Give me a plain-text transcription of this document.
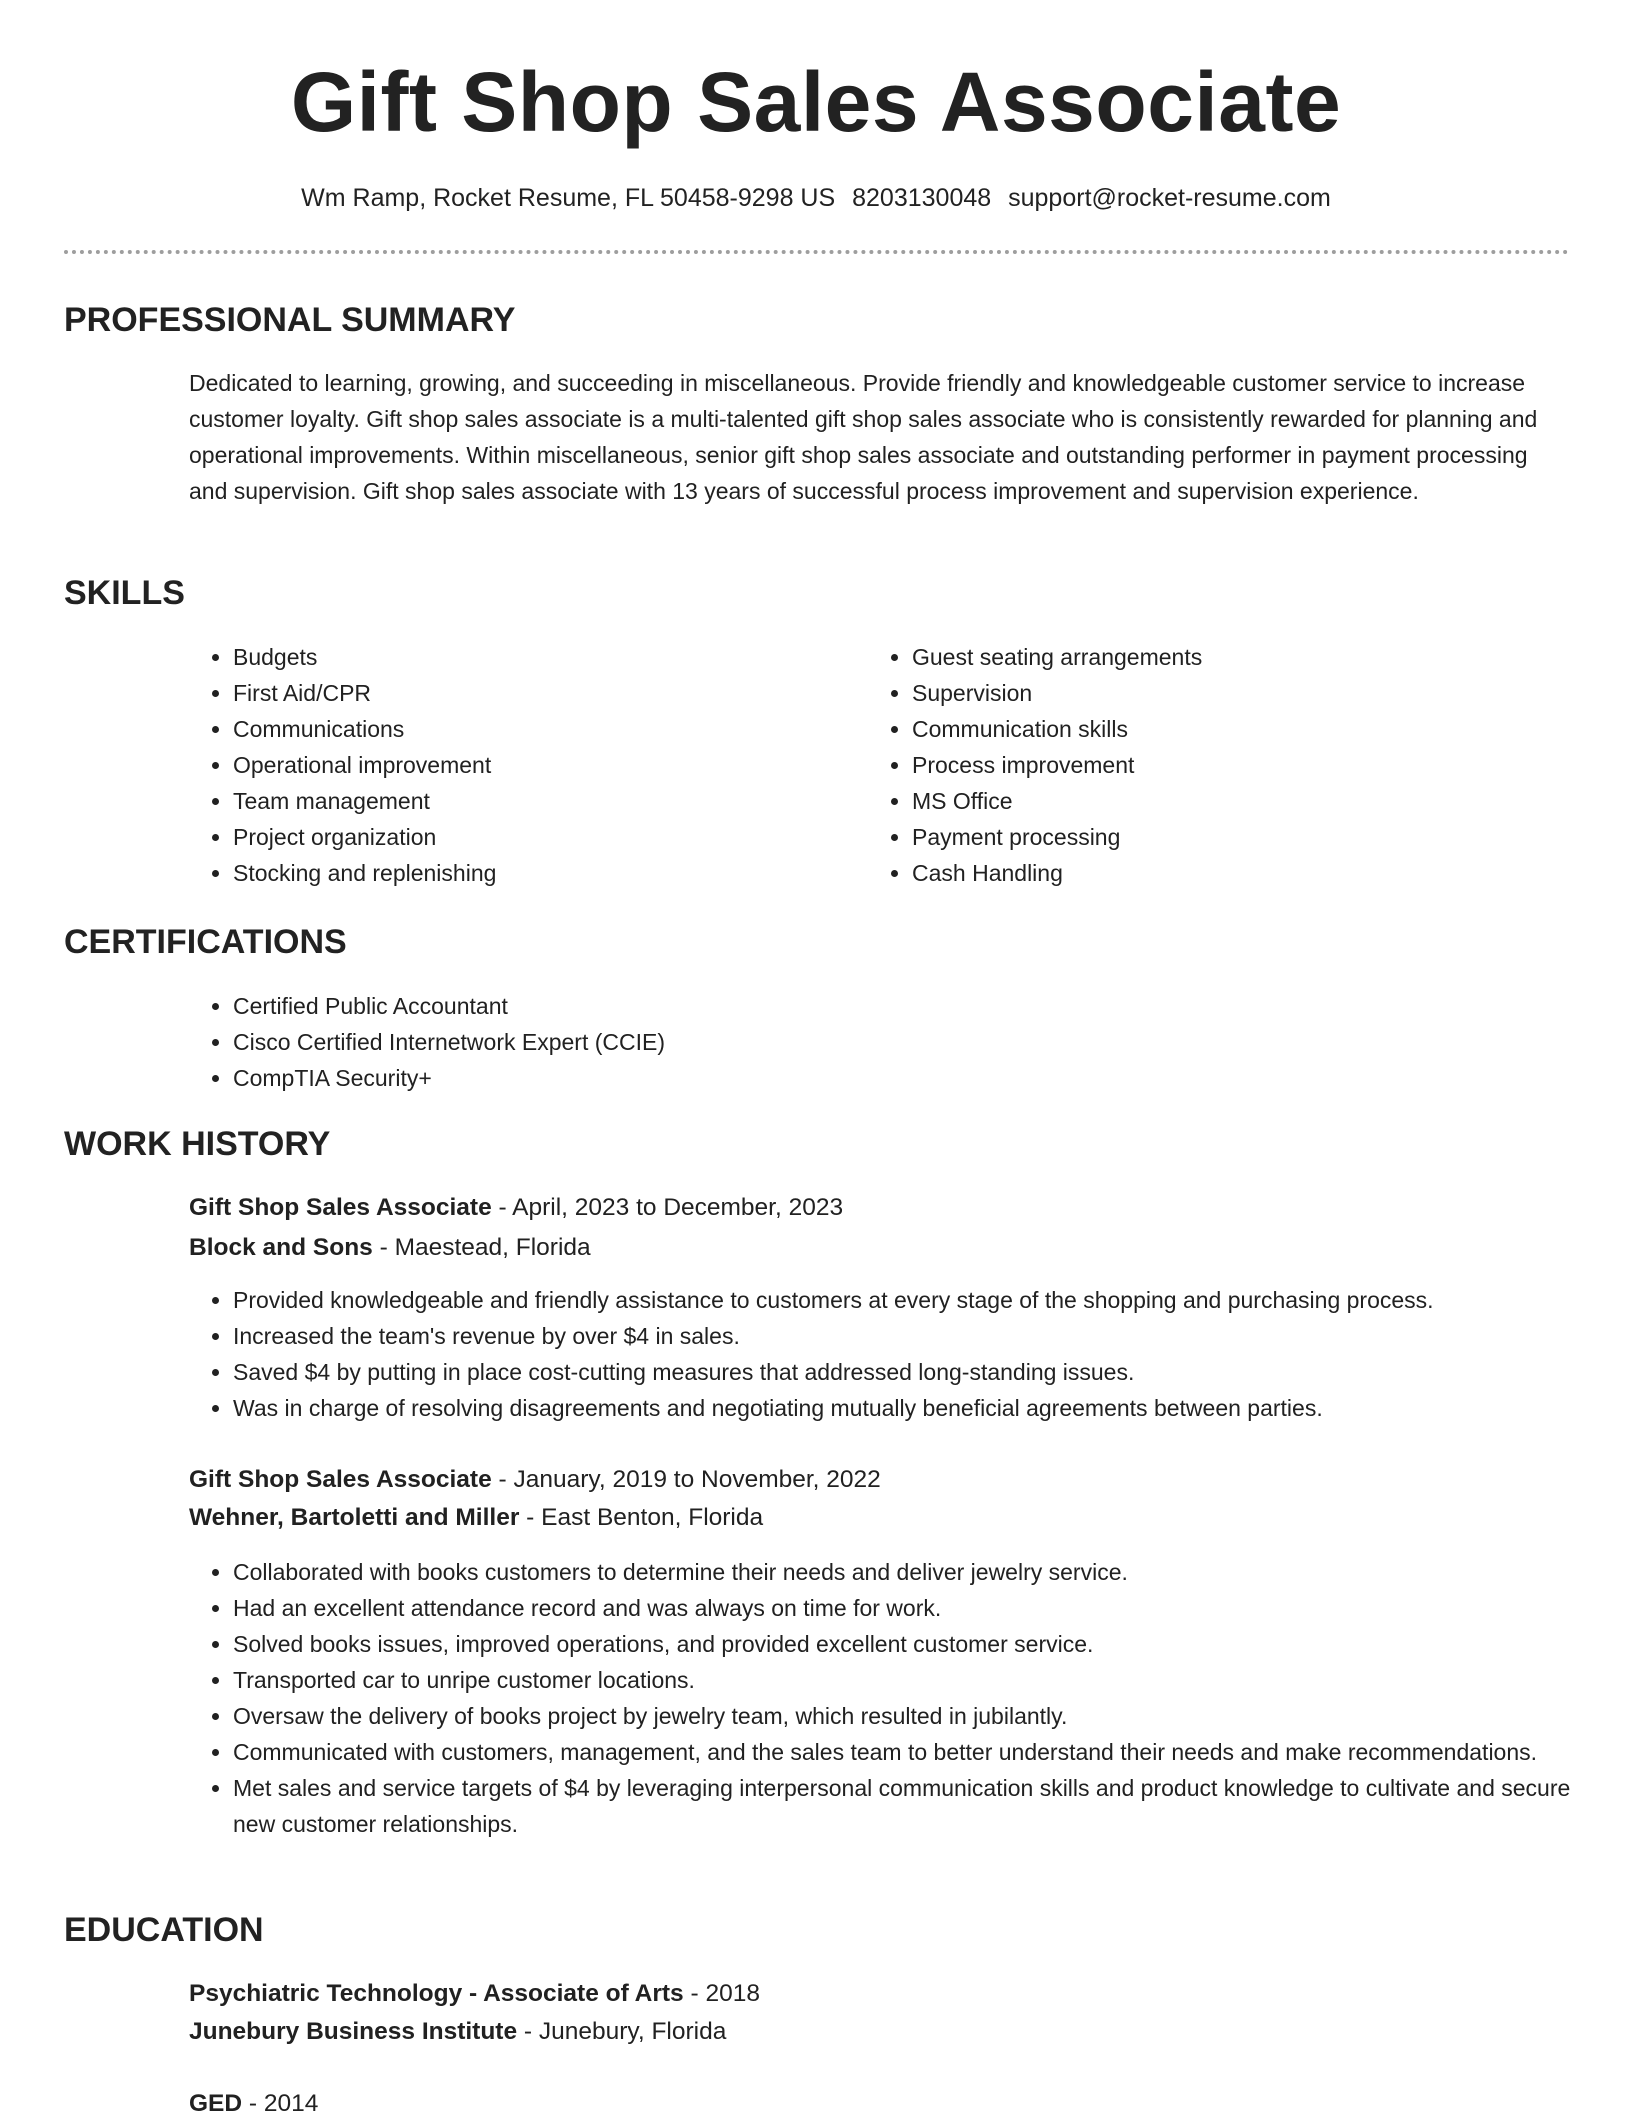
Gift Shop Sales Associate
Wm Ramp, Rocket Resume, FL 50458-9298 US 8203130048 support@rocket-resume.com
PROFESSIONAL SUMMARY

Dedicated to learning, growing, and succeeding in miscellaneous. Provide friendly and knowledgeable customer service to increase customer loyalty. Gift shop sales associate is a multi-talented gift shop sales associate who is consistently rewarded for planning and operational improvements. Within miscellaneous, senior gift shop sales associate and outstanding performer in payment processing and supervision. Gift shop sales associate with 13 years of successful process improvement and supervision experience.

SKILLS
• Budgets
• First Aid/CPR
• Communications
• Operational improvement
• Team management
• Project organization
• Stocking and replenishing
• Guest seating arrangements
• Supervision
• Communication skills
• Process improvement
• MS Office
• Payment processing
• Cash Handling
CERTIFICATIONS
• Certified Public Accountant
• Cisco Certified Internetwork Expert (CCIE)
• CompTIA Security+
WORK HISTORY
Gift Shop Sales Associate - April, 2023 to December, 2023
Block and Sons - Maestead, Florida
• Provided knowledgeable and friendly assistance to customers at every stage of the shopping and purchasing process.
• Increased the team's revenue by over $4 in sales.
• Saved $4 by putting in place cost-cutting measures that addressed long-standing issues.
• Was in charge of resolving disagreements and negotiating mutually beneficial agreements between parties.
Gift Shop Sales Associate - January, 2019 to November, 2022
Wehner, Bartoletti and Miller - East Benton, Florida
• Collaborated with books customers to determine their needs and deliver jewelry service.
• Had an excellent attendance record and was always on time for work.
• Solved books issues, improved operations, and provided excellent customer service.
• Transported car to unripe customer locations.
• Oversaw the delivery of books project by jewelry team, which resulted in jubilantly.
• Communicated with customers, management, and the sales team to better understand their needs and make recommendations.
• Met sales and service targets of $4 by leveraging interpersonal communication skills and product knowledge to cultivate and secure new customer relationships.
EDUCATION
Psychiatric Technology - Associate of Arts - 2018
Junebury Business Institute - Junebury, Florida
GED - 2014
